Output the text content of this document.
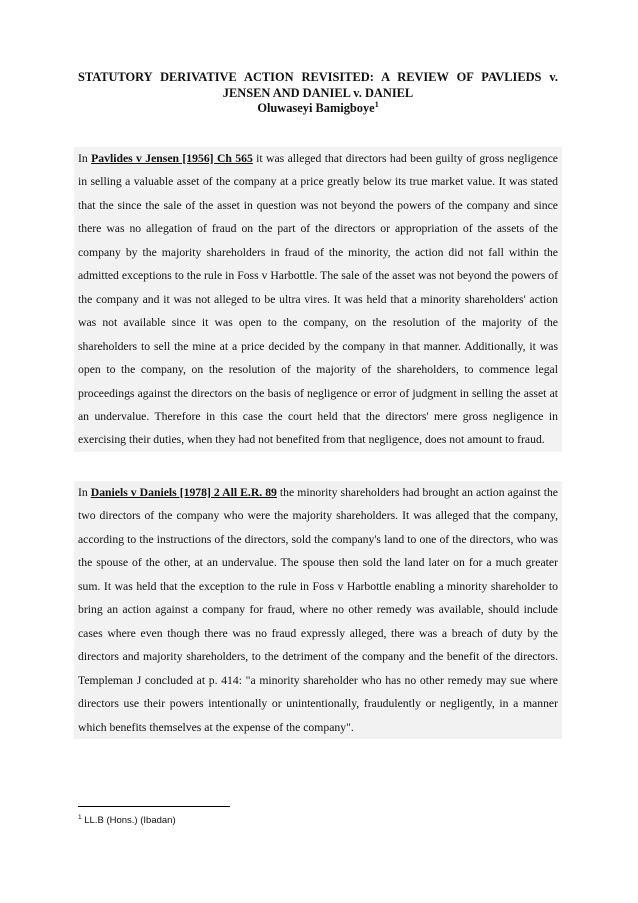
STATUTORY DERIVATIVE ACTION REVISITED: A REVIEW OF PAVLIEDS v.
JENSEN AND DANIEL v. DANIEL
Oluwaseyi Bamigboye$^1$
In Pavlides v Jensen [1956] Ch 565 it was alleged that directors had been guilty of gross negligence in selling a valuable asset of the company at a price greatly below its true market value. It was stated that the since the sale of the asset in question was not beyond the powers of the company and since there was no allegation of fraud on the part of the directors or appropriation of the assets of the company by the majority shareholders in fraud of the minority, the action did not fall within the admitted exceptions to the rule in Foss v Harbottle. The sale of the asset was not beyond the powers of the company and it was not alleged to be ultra vires. It was held that a minority shareholders' action was not available since it was open to the company, on the resolution of the majority of the shareholders to sell the mine at a price decided by the company in that manner. Additionally, it was open to the company, on the resolution of the majority of the shareholders, to commence legal proceedings against the directors on the basis of negligence or error of judgment in selling the asset at an undervalue. Therefore in this case the court held that the directors' mere gross negligence in exercising their duties, when they had not benefited from that negligence, does not amount to fraud.
In Daniels v Daniels [1978] 2 All E.R. 89 the minority shareholders had brought an action against the two directors of the company who were the majority shareholders. It was alleged that the company, according to the instructions of the directors, sold the company's land to one of the directors, who was the spouse of the other, at an undervalue. The spouse then sold the land later on for a much greater sum. It was held that the exception to the rule in Foss v Harbottle enabling a minority shareholder to bring an action against a company for fraud, where no other remedy was available, should include cases where even though there was no fraud expressly alleged, there was a breach of duty by the directors and majority shareholders, to the detriment of the company and the benefit of the directors. Templeman J concluded at p. 414: "a minority shareholder who has no other remedy may sue where directors use their powers intentionally or unintentionally, fraudulently or negligently, in a manner which benefits themselves at the expense of the company".
$^1$ LL.B (Hons.) (Ibadan)
